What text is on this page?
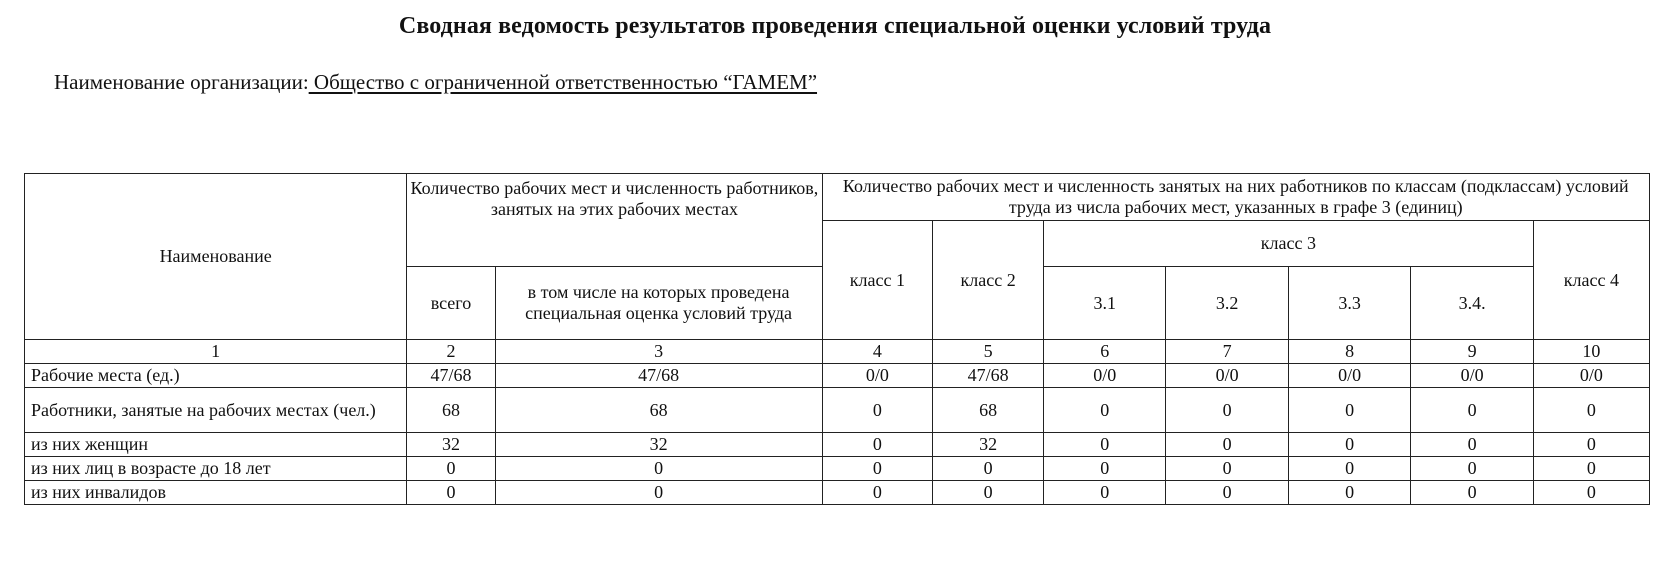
Сводная ведомость результатов проведения специальной оценки условий труда
Наименование организации: Общество с ограниченной ответственностью “ГАМЕМ”
Наименование	Количество рабочих мест и численность работников, занятых на этих рабочих местах		Количество рабочих мест и численность занятых на них работников по классам (подклассам) условий труда из числа рабочих мест, указанных в графе 3 (единиц)						
			класс 1	класс 2	класс 3				класс 4
	всего	в том числе на которых проведена специальная оценка условий труда			3.1	3.2	3.3	3.4.	
1	2	3	4	5	6	7	8	9	10
Рабочие места (ед.)	47/68	47/68	0/0	47/68	0/0	0/0	0/0	0/0	0/0
Работники, занятые на рабочих местах (чел.)	68	68	0	68	0	0	0	0	0
из них женщин	32	32	0	32	0	0	0	0	0
из них лиц в возрасте до 18 лет	0	0	0	0	0	0	0	0	0
из них инвалидов	0	0	0	0	0	0	0	0	0
